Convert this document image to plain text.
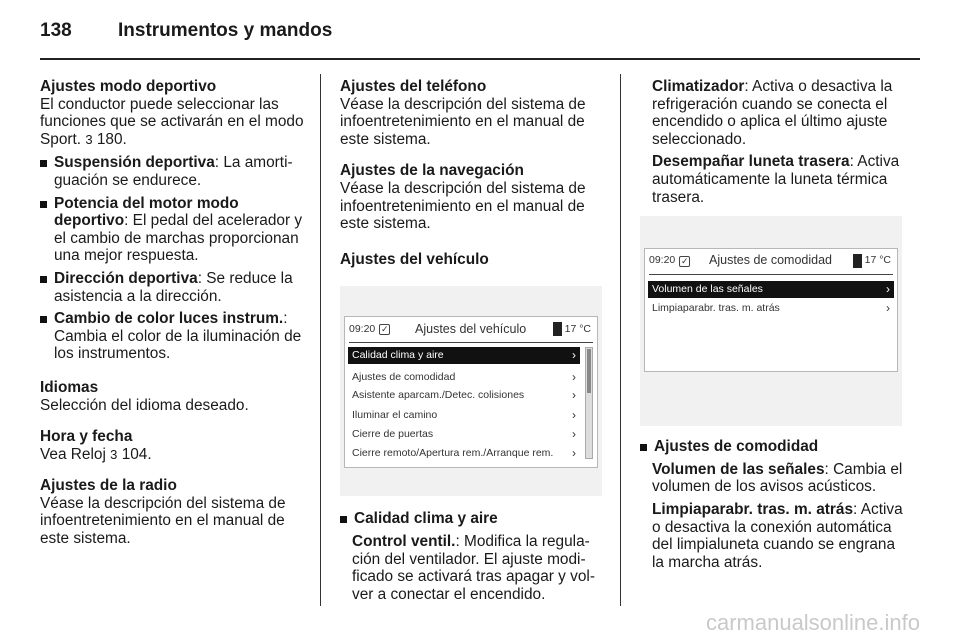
138	Instrumentos y mandos
Ajustes modo deportivo
El conductor puede seleccionar las funciones que se activarán en el modo Sport. 3 180.
Suspensión deportiva: La amortiguación se endurece.
Potencia del motor modo deportivo: El pedal del acelerador y el cambio de marchas proporcionan una mejor respuesta.
Dirección deportiva: Se reduce la asistencia a la dirección.
Cambio de color luces instrum.: Cambia el color de la iluminación de los instrumentos.
Idiomas
Selección del idioma deseado.
Hora y fecha
Vea Reloj 3 104.
Ajustes de la radio
Véase la descripción del sistema de infoentretenimiento en el manual de este sistema.
Ajustes del teléfono
Véase la descripción del sistema de infoentretenimiento en el manual de este sistema.
Ajustes de la navegación
Véase la descripción del sistema de infoentretenimiento en el manual de este sistema.
Ajustes del vehículo
09:20 ✓ Ajustes del vehículo	17 °C
Calidad clima y aire	›
Ajustes de comodidad	›
Asistente aparcam./Detec. colisiones	›
Iluminar el camino	›
Cierre de puertas	›
Cierre remoto/Apertura rem./Arranque rem. ›
Calidad clima y aire
Control ventil.: Modifica la regulación del ventilador. El ajuste modificado se activará tras apagar y volver a conectar el encendido.
Climatizador: Activa o desactiva la refrigeración cuando se conecta el encendido o aplica el último ajuste seleccionado.
Desempañar luneta trasera: Activa automáticamente la luneta térmica trasera.
09:20 ✓ Ajustes de comodidad	17 °C
Volumen de las señales	›
Limpiaparabr. tras. m. atrás	›
Ajustes de comodidad
Volumen de las señales: Cambia el volumen de los avisos acústicos.
Limpiaparabr. tras. m. atrás: Activa o desactiva la conexión automática del limpialuneta cuando se engrana la marcha atrás.
carmanualsonline.info
